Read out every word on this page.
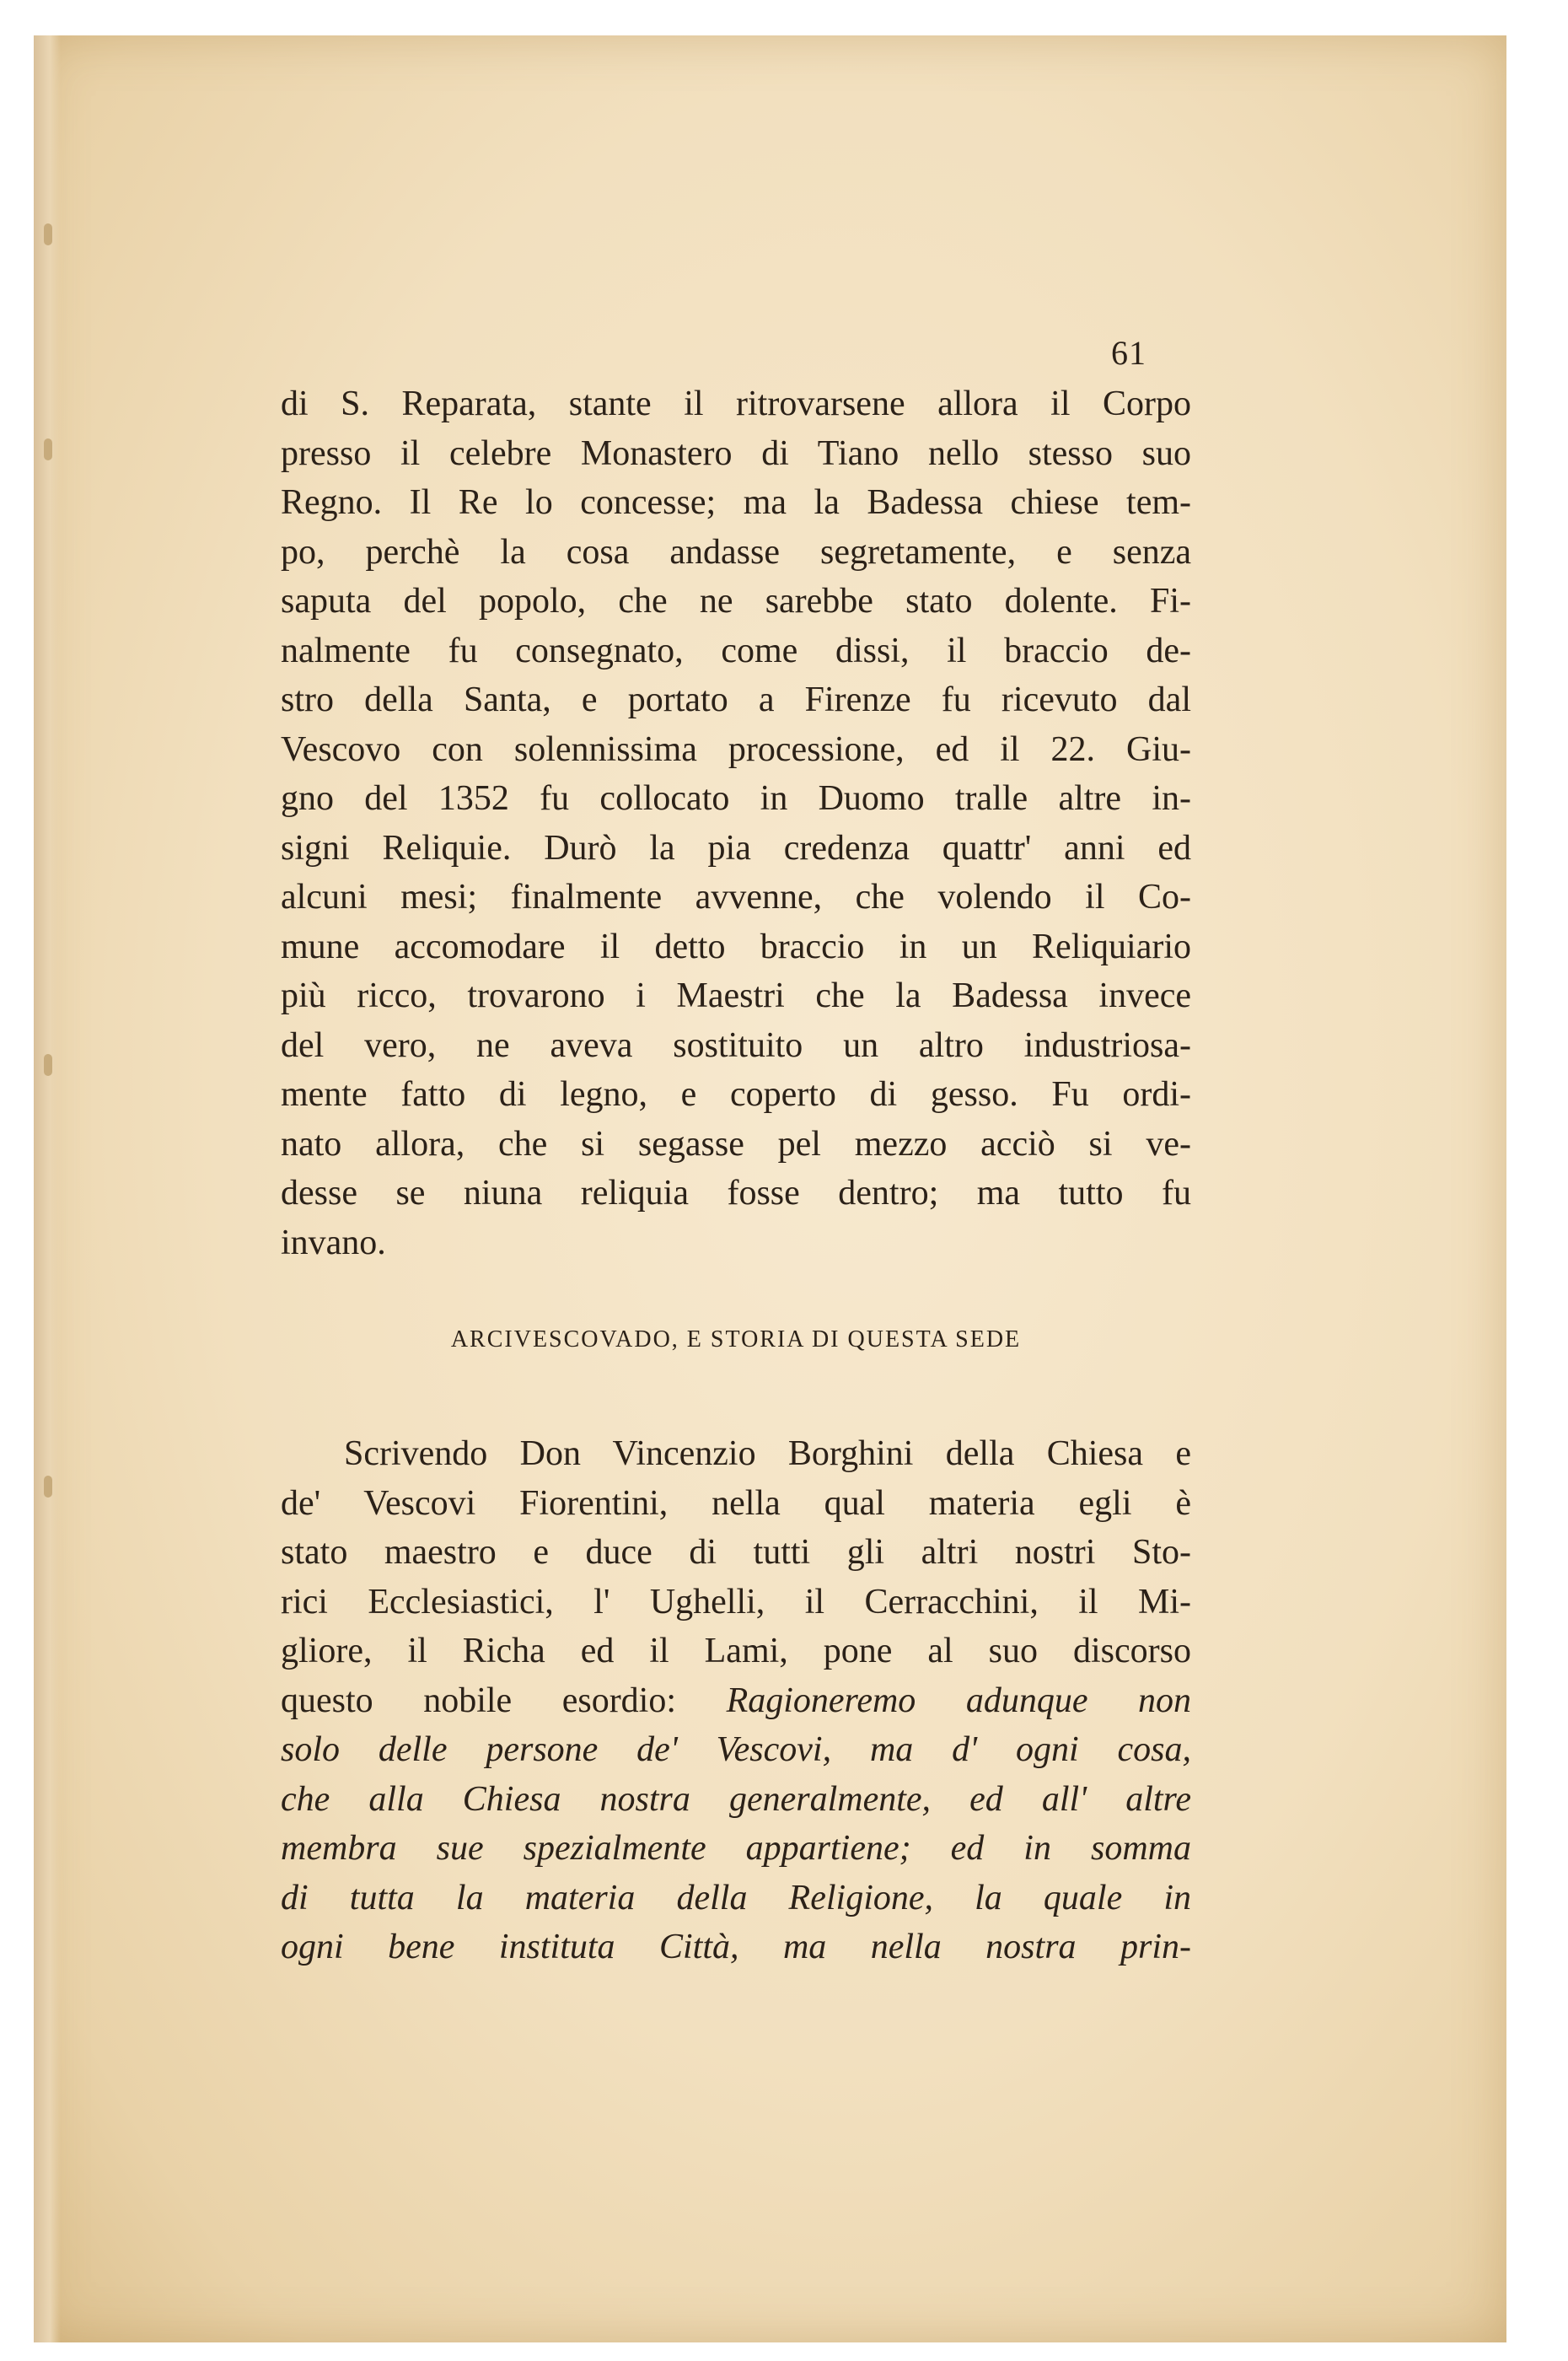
61
di S. Reparata, stante il ritrovarsene allora il Corpo
presso il celebre Monastero di Tiano nello stesso suo
Regno. Il Re lo concesse; ma la Badessa chiese tem-
po, perchè la cosa andasse segretamente, e senza
saputa del popolo, che ne sarebbe stato dolente. Fi-
nalmente fu consegnato, come dissi, il braccio de-
stro della Santa, e portato a Firenze fu ricevuto dal
Vescovo con solennissima processione, ed il 22. Giu-
gno del 1352 fu collocato in Duomo tralle altre in-
signi Reliquie. Durò la pia credenza quattr' anni ed
alcuni mesi; finalmente avvenne, che volendo il Co-
mune accomodare il detto braccio in un Reliquiario
più ricco, trovarono i Maestri che la Badessa invece
del vero, ne aveva sostituito un altro industriosa-
mente fatto di legno, e coperto di gesso. Fu ordi-
nato allora, che si segasse pel mezzo acciò si ve-
desse se niuna reliquia fosse dentro; ma tutto fu
invano.
ARCIVESCOVADO, E STORIA DI QUESTA SEDE
Scrivendo Don Vincenzio Borghini della Chiesa e
de' Vescovi Fiorentini, nella qual materia egli è
stato maestro e duce di tutti gli altri nostri Sto-
rici Ecclesiastici, l' Ughelli, il Cerracchini, il Mi-
gliore, il Richa ed il Lami, pone al suo discorso
questo nobile esordio: Ragioneremo adunque non
solo delle persone de' Vescovi, ma d' ogni cosa,
che alla Chiesa nostra generalmente, ed all' altre
membra sue spezialmente appartiene; ed in somma
di tutta la materia della Religione, la quale in
ogni bene instituta Città, ma nella nostra prin-
